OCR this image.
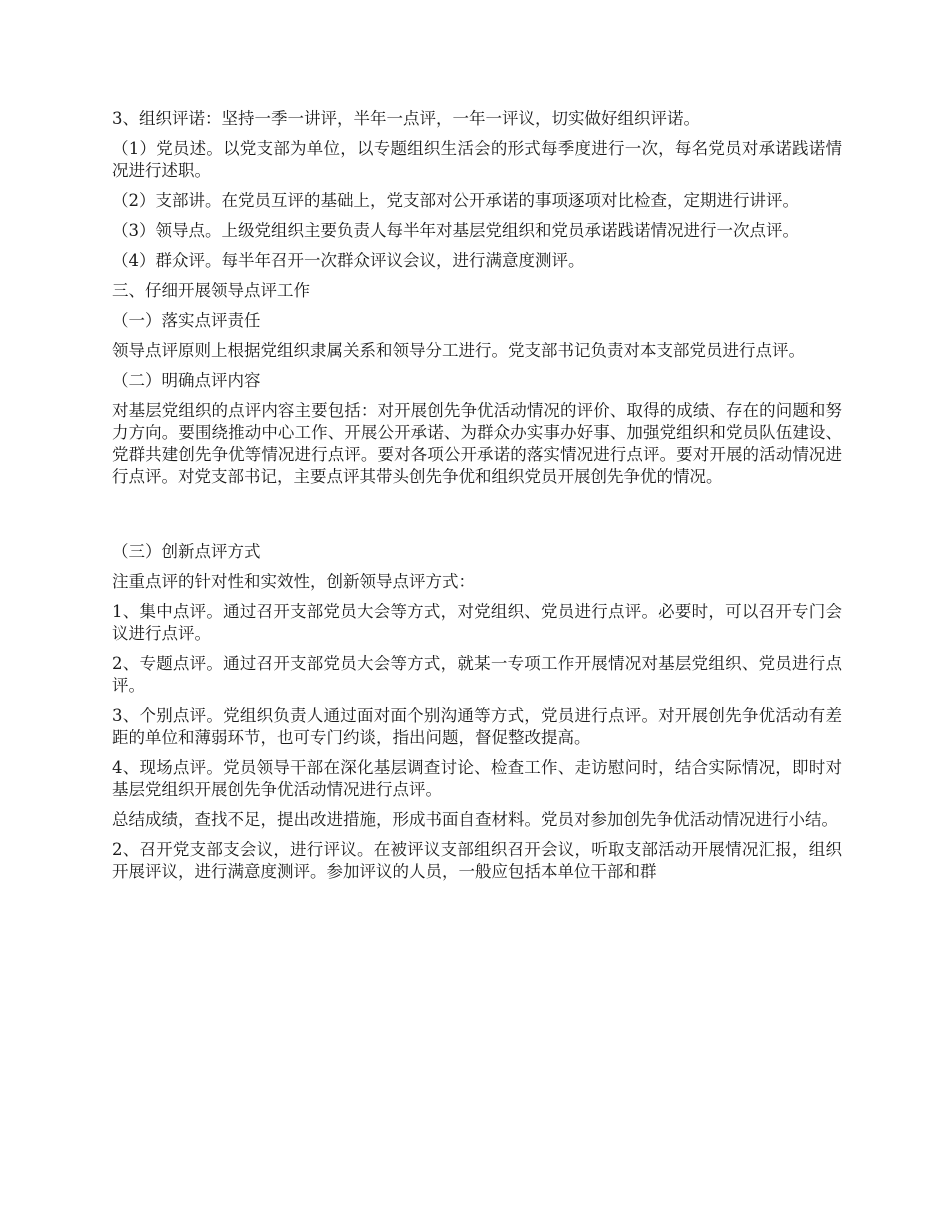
3、组织评诺：坚持一季一讲评，半年一点评，一年一评议，切实做好组织评诺。

（1）党员述。以党支部为单位，以专题组织生活会的形式每季度进行一次，每名党员对承诺践诺情况进行述职。

（2）支部讲。在党员互评的基础上，党支部对公开承诺的事项逐项对比检查，定期进行讲评。

（3）领导点。上级党组织主要负责人每半年对基层党组织和党员承诺践诺情况进行一次点评。

（4）群众评。每半年召开一次群众评议会议，进行满意度测评。

三、仔细开展领导点评工作

（一）落实点评责任

领导点评原则上根据党组织隶属关系和领导分工进行。党支部书记负责对本支部党员进行点评。

（二）明确点评内容

对基层党组织的点评内容主要包括：对开展创先争优活动情况的评价、取得的成绩、存在的问题和努力方向。要围绕推动中心工作、开展公开承诺、为群众办实事办好事、加强党组织和党员队伍建设、党群共建创先争优等情况进行点评。要对各项公开承诺的落实情况进行点评。要对开展的活动情况进行点评。对党支部书记，主要点评其带头创先争优和组织党员开展创先争优的情况。

（三）创新点评方式

注重点评的针对性和实效性，创新领导点评方式：

1、集中点评。通过召开支部党员大会等方式，对党组织、党员进行点评。必要时，可以召开专门会议进行点评。

2、专题点评。通过召开支部党员大会等方式，就某一专项工作开展情况对基层党组织、党员进行点评。

3、个别点评。党组织负责人通过面对面个别沟通等方式，党员进行点评。对开展创先争优活动有差距的单位和薄弱环节，也可专门约谈，指出问题，督促整改提高。

4、现场点评。党员领导干部在深化基层调查讨论、检查工作、走访慰问时，结合实际情况，即时对基层党组织开展创先争优活动情况进行点评。

总结成绩，查找不足，提出改进措施，形成书面自查材料。党员对参加创先争优活动情况进行小结。

2、召开党支部支会议，进行评议。在被评议支部组织召开会议，听取支部活动开展情况汇报，组织开展评议，进行满意度测评。参加评议的人员，一般应包括本单位干部和群
